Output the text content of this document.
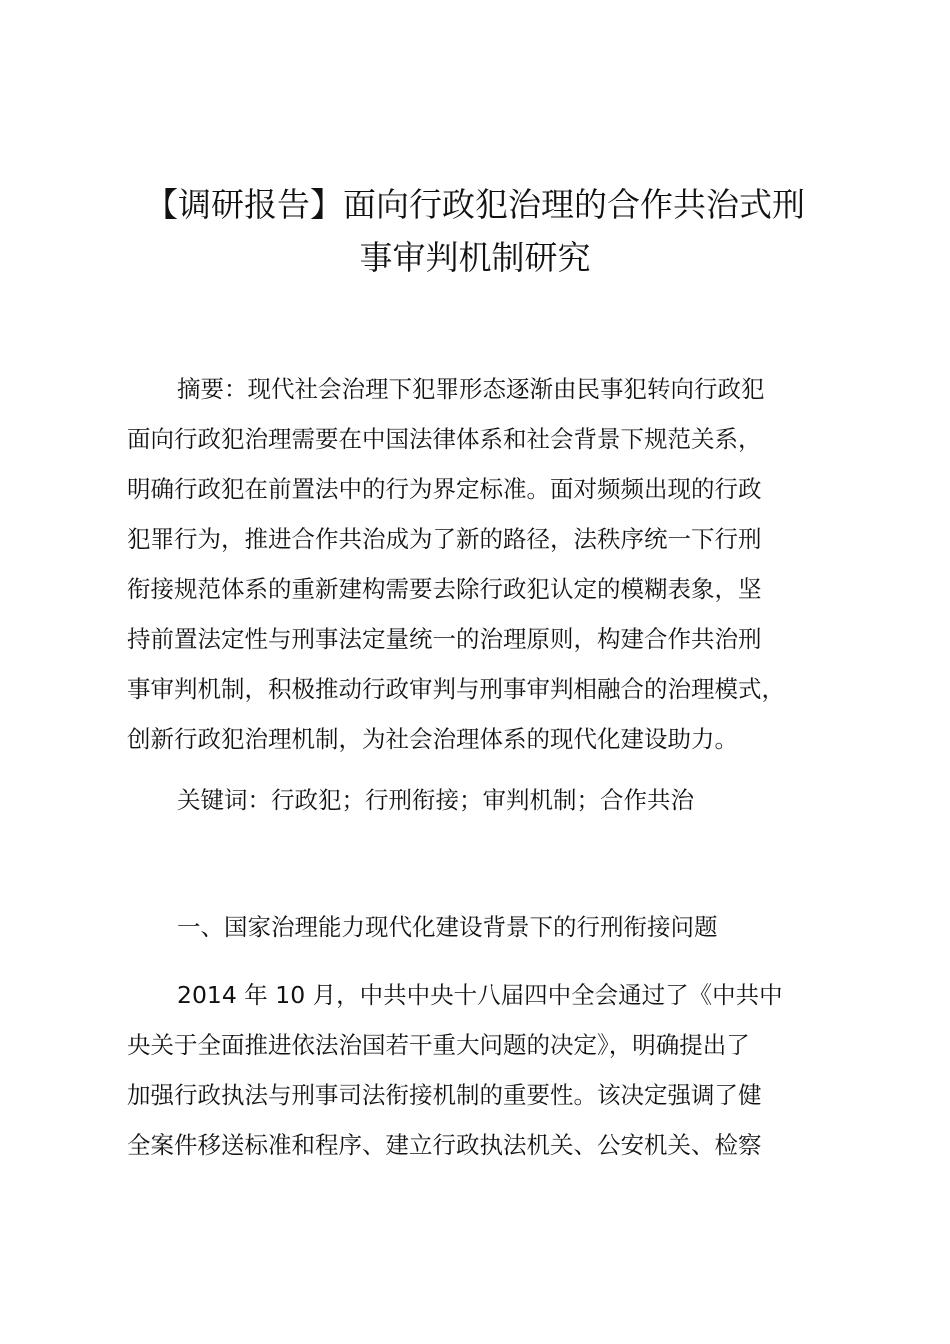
【调研报告】面向行政犯治理的合作共治式刑
事审判机制研究
摘要：现代社会治理下犯罪形态逐渐由民事犯转向行政犯
面向行政犯治理需要在中国法律体系和社会背景下规范关系，
明确行政犯在前置法中的行为界定标准。面对频频出现的行政
犯罪行为，推进合作共治成为了新的路径，法秩序统一下行刑
衔接规范体系的重新建构需要去除行政犯认定的模糊表象，坚
持前置法定性与刑事法定量统一的治理原则，构建合作共治刑
事审判机制，积极推动行政审判与刑事审判相融合的治理模式，
创新行政犯治理机制，为社会治理体系的现代化建设助力。
关键词：行政犯；行刑衔接；审判机制；合作共治
一、国家治理能力现代化建设背景下的行刑衔接问题
2014 年 10 月，中共中央十八届四中全会通过了《中共中
央关于全面推进依法治国若干重大问题的决定》，明确提出了
加强行政执法与刑事司法衔接机制的重要性。该决定强调了健
全案件移送标准和程序、建立行政执法机关、公安机关、检察
